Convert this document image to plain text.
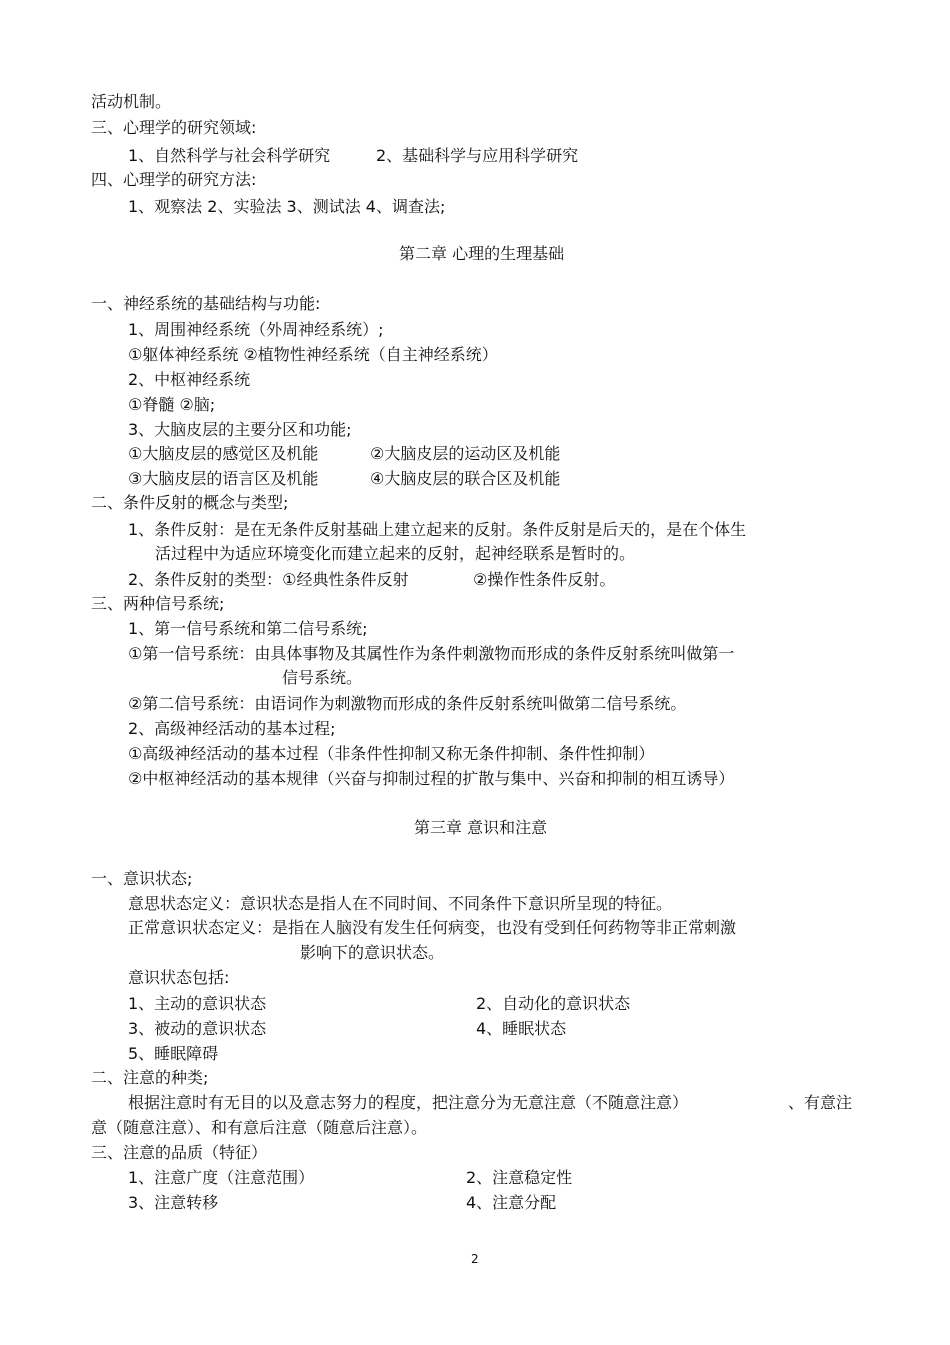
活动机制。
三、心理学的研究领域:
1、自然科学与社会科学研究	2、基础科学与应用科学研究
四、心理学的研究方法:
1、观察法 2、实验法 3、测试法 4、调查法;
第二章 心理的生理基础
一、神经系统的基础结构与功能:
1、周围神经系统（外周神经系统）;
①躯体神经系统 ②植物性神经系统（自主神经系统）
2、中枢神经系统
①脊髓 ②脑;
3、大脑皮层的主要分区和功能;
①大脑皮层的感觉区及机能	②大脑皮层的运动区及机能
③大脑皮层的语言区及机能	④大脑皮层的联合区及机能
二、条件反射的概念与类型;
1、条件反射：是在无条件反射基础上建立起来的反射。条件反射是后天的，是在个体生
活过程中为适应环境变化而建立起来的反射，起神经联系是暂时的。
2、条件反射的类型：①经典性条件反射	②操作性条件反射。
三、两种信号系统;
1、第一信号系统和第二信号系统;
①第一信号系统：由具体事物及其属性作为条件刺激物而形成的条件反射系统叫做第一
信号系统。
②第二信号系统：由语词作为刺激物而形成的条件反射系统叫做第二信号系统。
2、高级神经活动的基本过程;
①高级神经活动的基本过程（非条件性抑制又称无条件抑制、条件性抑制）
②中枢神经活动的基本规律（兴奋与抑制过程的扩散与集中、兴奋和抑制的相互诱导）
第三章 意识和注意
一、意识状态;
意思状态定义：意识状态是指人在不同时间、不同条件下意识所呈现的特征。
正常意识状态定义：是指在人脑没有发生任何病变，也没有受到任何药物等非正常刺激
影响下的意识状态。
意识状态包括:
1、主动的意识状态	2、自动化的意识状态
3、被动的意识状态	4、睡眠状态
5、睡眠障碍
二、注意的种类;
根据注意时有无目的以及意志努力的程度，把注意分为无意注意（不随意注意）	、有意注
意（随意注意）、和有意后注意（随意后注意）。
三、注意的品质（特征）
1、注意广度（注意范围）	2、注意稳定性
3、注意转移	4、注意分配
2
